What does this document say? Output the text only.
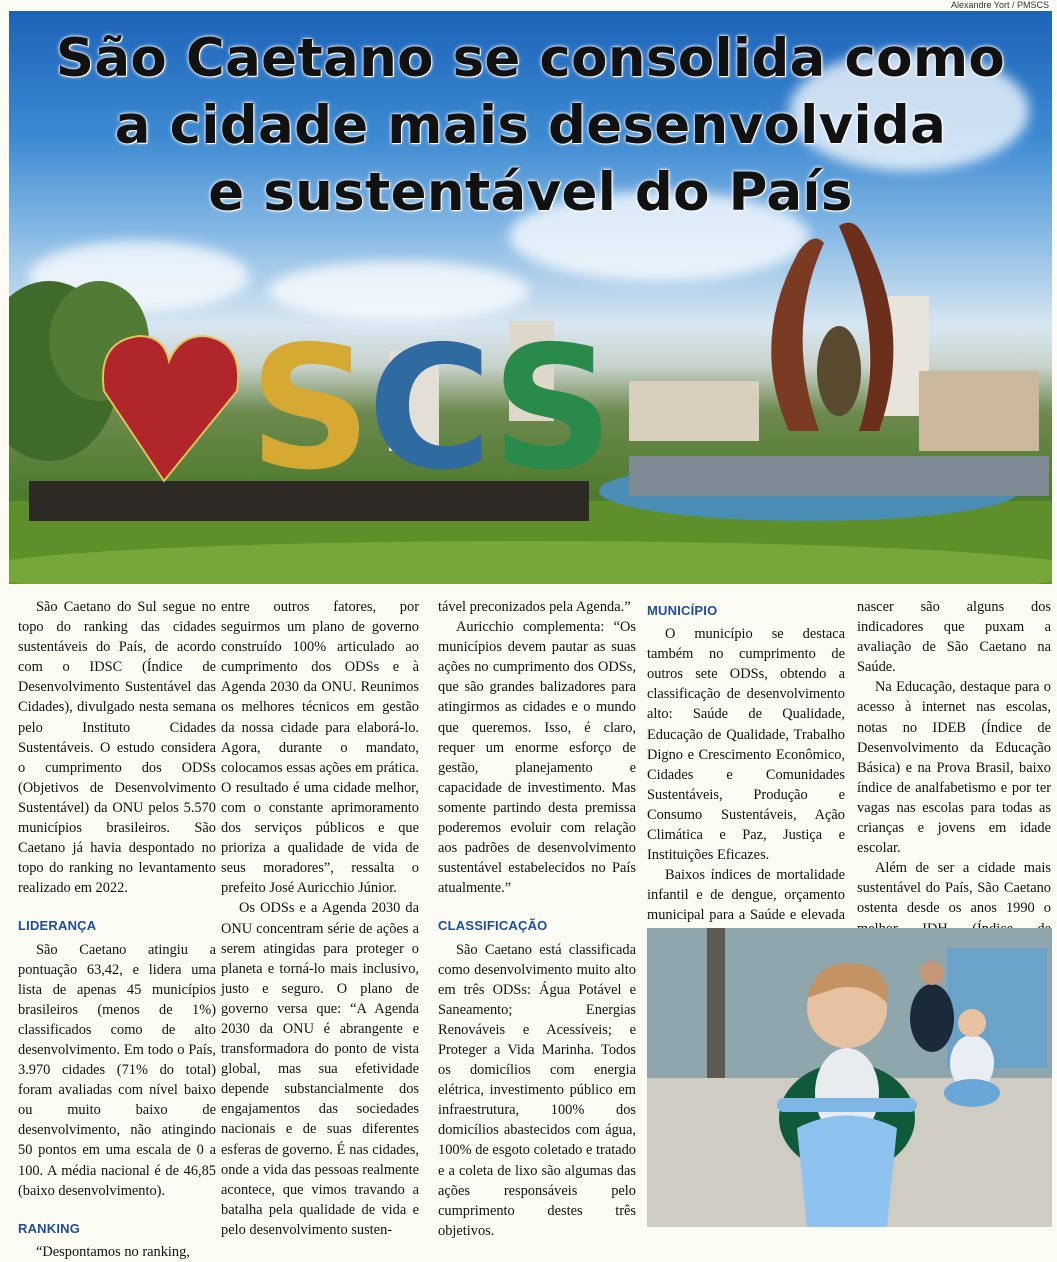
Alexandre Yort / PMSCS
SCS
São Caetano se consolida como
a cidade mais desenvolvida
e sustentável do País

São Caetano do Sul segue no topo do ranking das cidades sustentáveis do País, de acordo com o IDSC (Índice de Desenvolvimento Sustentável das Cidades), divulgado nesta semana pelo Instituto Cidades Sustentáveis. O estudo considera o cumprimento dos ODSs (Objetivos de Desenvolvimento Sustentável) da ONU pelos 5.570 municípios brasileiros. São Caetano já havia despontado no topo do ranking no levantamento realizado em 2022.

LIDERANÇA

São Caetano atingiu a pontuação 63,42, e lidera uma lista de apenas 45 municípios brasileiros (menos de 1%) classificados como de alto desenvolvimento. Em todo o País, 3.970 cidades (71% do total) foram avaliadas com nível baixo ou muito baixo de desenvolvimento, não atingindo 50 pontos em uma escala de 0 a 100. A média nacional é de 46,85 (baixo desenvolvimento).

RANKING

“Despontamos no ranking,

entre outros fatores, por seguirmos um plano de governo construído 100% articulado ao cumprimento dos ODSs e à Agenda 2030 da ONU. Reunimos os melhores técnicos em gestão da nossa cidade para elaborá-lo. Agora, durante o mandato, colocamos essas ações em prática. O resultado é uma cidade melhor, com o constante aprimoramento dos serviços públicos e que prioriza a qualidade de vida de seus moradores”, ressalta o prefeito José Auricchio Júnior.

Os ODSs e a Agenda 2030 da ONU concentram série de ações a serem atingidas para proteger o planeta e torná-lo mais inclusivo, justo e seguro. O plano de governo versa que: “A Agenda 2030 da ONU é abrangente e transformadora do ponto de vista global, mas sua efetividade depende substancialmente dos engajamentos das sociedades nacionais e de suas diferentes esferas de governo. É nas cidades, onde a vida das pessoas realmente acontece, que vimos travando a batalha pela qualidade de vida e pelo desenvolvimento susten-

tável preconizados pela Agenda.”

Auricchio complementa: “Os municípios devem pautar as suas ações no cumprimento dos ODSs, que são grandes balizadores para atingirmos as cidades e o mundo que queremos. Isso, é claro, requer um enorme esforço de gestão, planejamento e capacidade de investimento. Mas somente partindo desta premissa poderemos evoluir com relação aos padrões de desenvolvimento sustentável estabelecidos no País atualmente.”

CLASSIFICAÇÃO

São Caetano está classificada como desenvolvimento muito alto em três ODSs: Água Potável e Saneamento; Energias Renováveis e Acessíveis; e Proteger a Vida Marinha. Todos os domicílios com energia elétrica, investimento público em infraestrutura, 100% dos domicílios abastecidos com água, 100% de esgoto coletado e tratado e a coleta de lixo são algumas das ações responsáveis pelo cumprimento destes três objetivos.

MUNICÍPIO

O município se destaca também no cumprimento de outros sete ODSs, obtendo a classificação de desenvolvimento alto: Saúde de Qualidade, Educação de Qualidade, Trabalho Digno e Crescimento Econômico, Cidades e Comunidades Sustentáveis, Produção e Consumo Sustentáveis, Ação Climática e Paz, Justiça e Instituições Eficazes.

Baixos índices de mortalidade infantil e de dengue, orçamento municipal para a Saúde e elevada

nascer são alguns dos indicadores que puxam a avaliação de São Caetano na Saúde.

Na Educação, destaque para o acesso à internet nas escolas, notas no IDEB (Índice de Desenvolvimento da Educação Básica) e na Prova Brasil, baixo índice de analfabetismo e por ter vagas nas escolas para todas as crianças e jovens em idade escolar.

Além de ser a cidade mais sustentável do País, São Caetano ostenta desde os anos 1990 o
